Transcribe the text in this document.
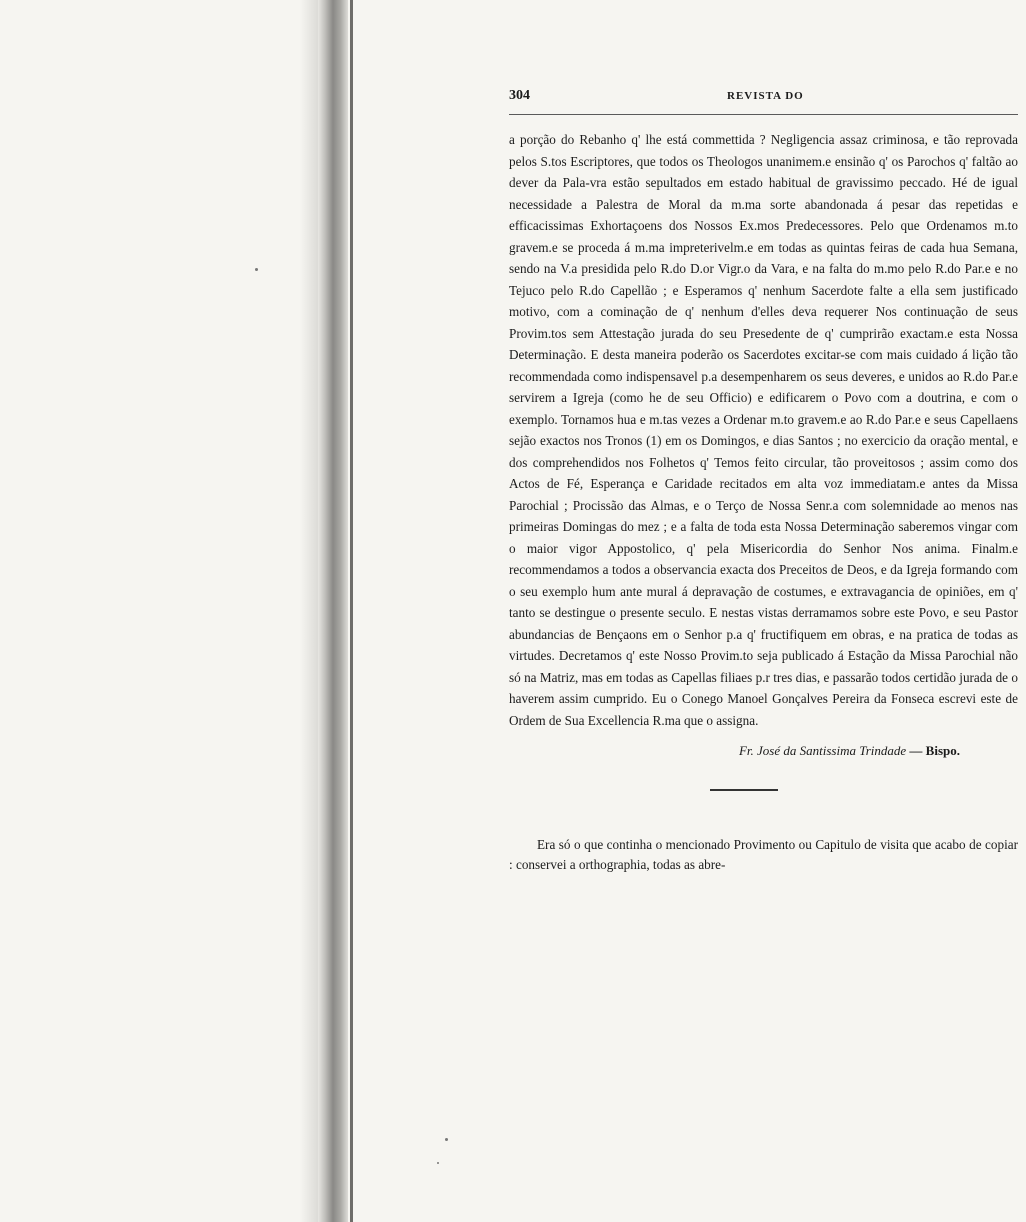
304	REVISTA DO

a porção do Rebanho q' lhe está commettida ? Negligencia assaz criminosa, e tão reprovada pelos S.tos Escriptores, que todos os Theologos unanimem.e ensinão q' os Parochos q' faltão ao dever da Pala-vra estão sepultados em estado habitual de gravissimo peccado. Hé de igual necessidade a Palestra de Moral da m.ma sorte abandonada á pesar das repetidas e efficacissimas Exhortaçoens dos Nossos Ex.mos Predecessores. Pelo que Ordenamos m.to gravem.e se proceda á m.ma impreterivelm.e em todas as quintas feiras de cada hua Semana, sendo na V.a presidida pelo R.do D.or Vigr.o da Vara, e na falta do m.mo pelo R.do Par.e e no Tejuco pelo R.do Capellão ; e Esperamos q' nenhum Sacerdote falte a ella sem justificado motivo, com a cominação de q' nenhum d'elles deva requerer Nos continuação de seus Provim.tos sem Attestação jurada do seu Presedente de q' cumprirão exactam.e esta Nossa Determinação. E desta maneira poderão os Sacerdotes excitar-se com mais cuidado á lição tão recommendada como indispensavel p.a desempenharem os seus deveres, e unidos ao R.do Par.e servirem a Igreja (como he de seu Officio) e edificarem o Povo com a doutrina, e com o exemplo. Tornamos hua e m.tas vezes a Ordenar m.to gravem.e ao R.do Par.e e seus Capellaens sejão exactos nos Tronos (1) em os Domingos, e dias Santos ; no exercicio da oração mental, e dos comprehendidos nos Folhetos q' Temos feito circular, tão proveitosos ; assim como dos Actos de Fé, Esperança e Caridade recitados em alta voz immediatam.e antes da Missa Parochial ; Procissão das Almas, e o Terço de Nossa Senr.a com solemnidade ao menos nas primeiras Domingas do mez ; e a falta de toda esta Nossa Determinação saberemos vingar com o maior vigor Appostolico, q' pela Misericordia do Senhor Nos anima. Finalm.e recommendamos a todos a observancia exacta dos Preceitos de Deos, e da Igreja formando com o seu exemplo hum ante mural á depravação de costumes, e extravagancia de opiniões, em q' tanto se destingue o presente seculo. E nestas vistas derramamos sobre este Povo, e seu Pastor abundancias de Bençaons em o Senhor p.a q' fructifiquem em obras, e na pratica de todas as virtudes. Decretamos q' este Nosso Provim.to seja publicado á Estação da Missa Parochial não só na Matriz, mas em todas as Capellas filiaes p.r tres dias, e passarão todos certidão jurada de o haverem assim cumprido. Eu o Conego Manoel Gonçalves Pereira da Fonseca escrevi este de Ordem de Sua Excellencia R.ma que o assigna.

Fr. José da Santissima Trindade — Bispo.

Era só o que continha o mencionado Provimento ou Capitulo de visita que acabo de copiar : conservei a orthographia, todas as abre-
